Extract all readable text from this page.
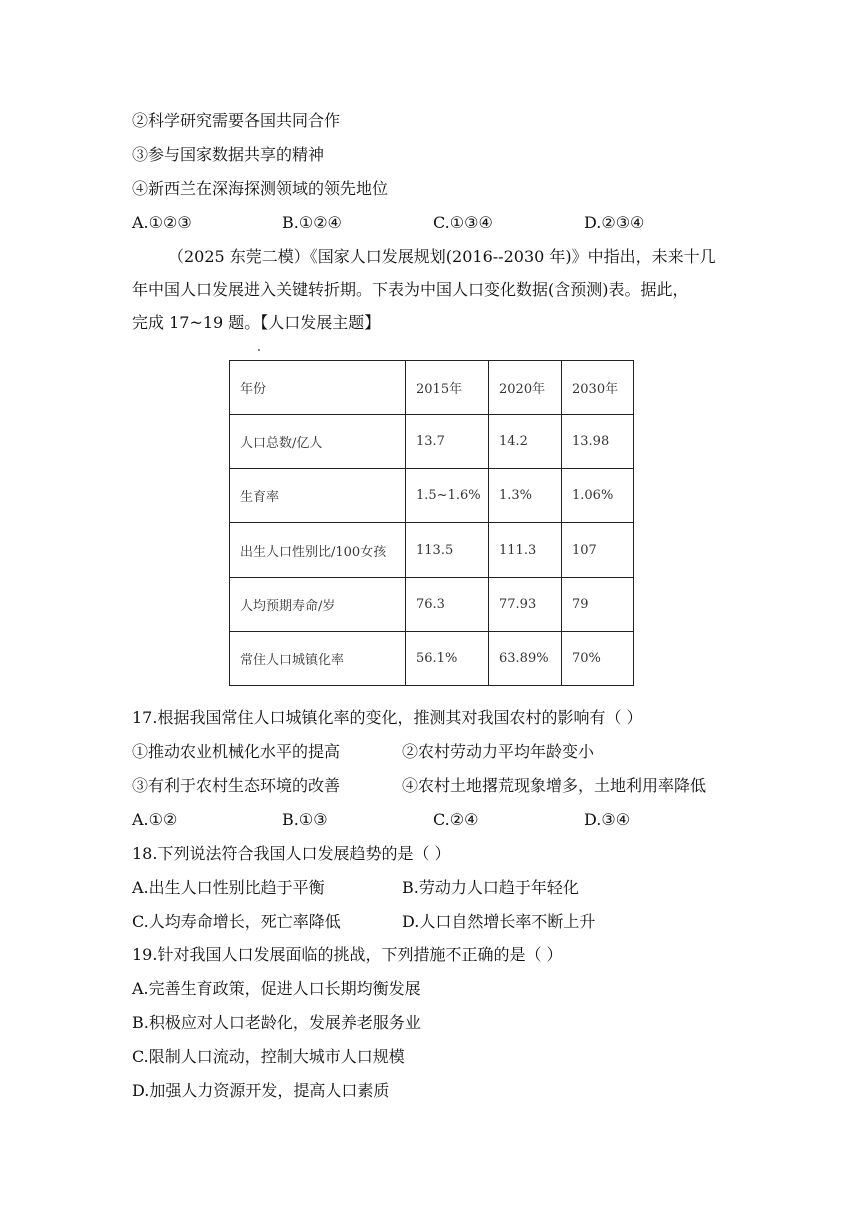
②科学研究需要各国共同合作
③参与国家数据共享的精神
④新西兰在深海探测领域的领先地位
A.①②③	B.①②④	C.①③④	D.②③④
（2025 东莞二模）《国家人口发展规划(2016--2030 年)》中指出，未来十几
年中国人口发展进入关键转折期。下表为中国人口变化数据(含预测)表。据此，
完成 17~19 题。【人口发展主题】
年份	2015年	2020年	2030年
人口总数/亿人	13.7	14.2	13.98
生育率	1.5~1.6%	1.3%	1.06%
出生人口性别比/100女孩	113.5	111.3	107
人均预期寿命/岁	76.3	77.93	79
常住人口城镇化率	56.1%	63.89%	70%
17.根据我国常住人口城镇化率的变化，推测其对我国农村的影响有（ ）
①推动农业机械化水平的提高	②农村劳动力平均年龄变小
③有利于农村生态环境的改善	④农村土地撂荒现象增多，土地利用率降低
A.①②	B.①③	C.②④	D.③④
18.下列说法符合我国人口发展趋势的是（ ）
A.出生人口性别比趋于平衡	B.劳动力人口趋于年轻化
C.人均寿命增长，死亡率降低	D.人口自然增长率不断上升
19.针对我国人口发展面临的挑战，下列措施不正确的是（ ）
A.完善生育政策，促进人口长期均衡发展
B.积极应对人口老龄化，发展养老服务业
C.限制人口流动，控制大城市人口规模
D.加强人力资源开发，提高人口素质
